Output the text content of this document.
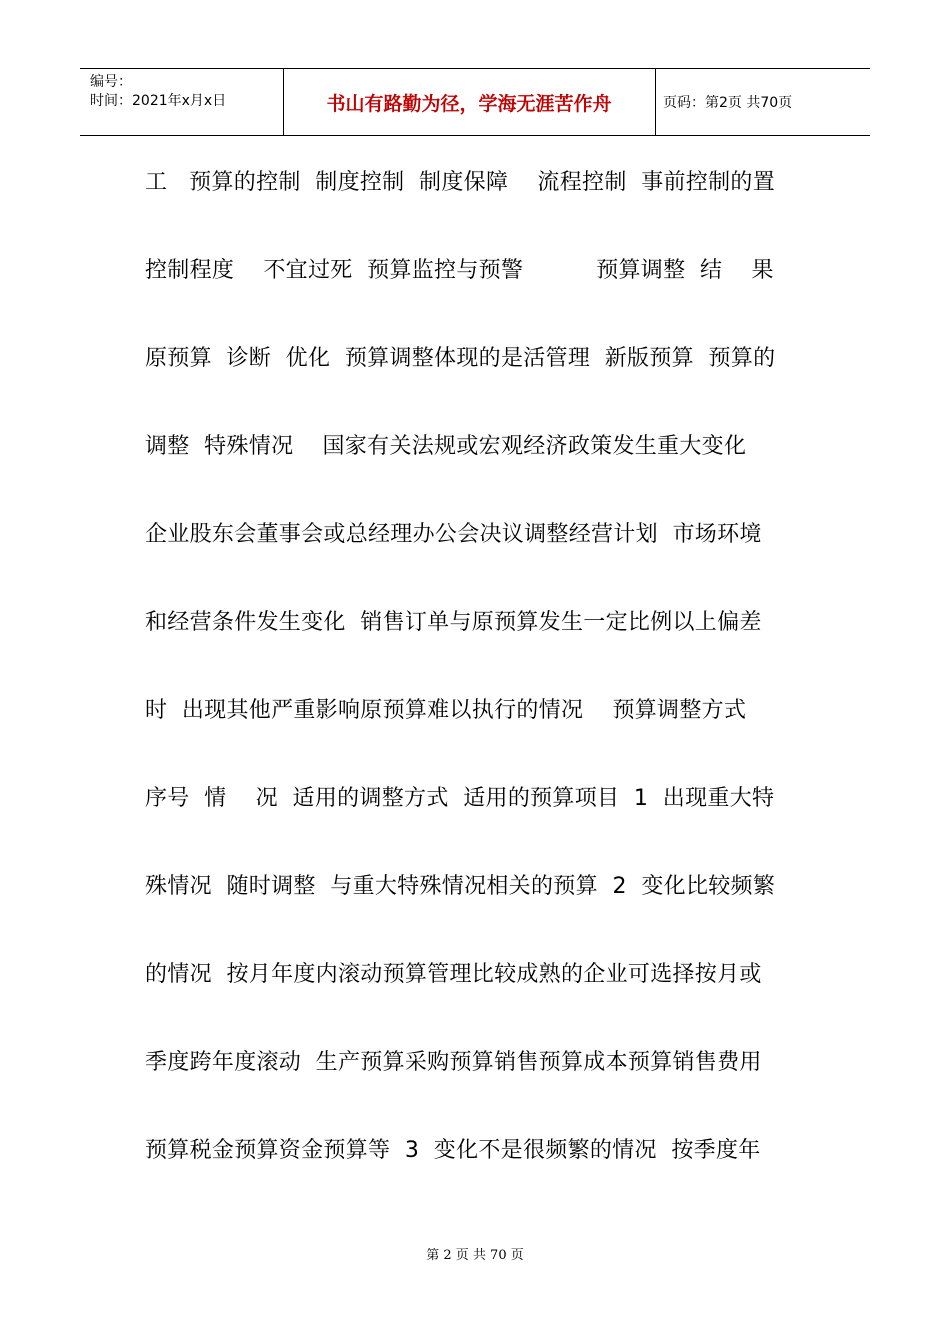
编号：
时间：2021年x月x日	书山有路勤为径，学海无涯苦作舟	页码：第2页 共70页
工   预算的控制  制度控制  制度保障    流程控制  事前控制的置
控制程度    不宜过死  预算监控与预警          预算调整  结    果
原预算  诊断  优化  预算调整体现的是活管理  新版预算  预算的
调整  特殊情况    国家有关法规或宏观经济政策发生重大变化
企业股东会董事会或总经理办公会决议调整经营计划  市场环境
和经营条件发生变化  销售订单与原预算发生一定比例以上偏差
时  出现其他严重影响原预算难以执行的情况    预算调整方式
序号  情    况  适用的调整方式  适用的预算项目  1  出现重大特
殊情况  随时调整  与重大特殊情况相关的预算  2  变化比较频繁
的情况  按月年度内滚动预算管理比较成熟的企业可选择按月或
季度跨年度滚动  生产预算采购预算销售预算成本预算销售费用
预算税金预算资金预算等  3  变化不是很频繁的情况  按季度年
第 2 页 共 70 页
